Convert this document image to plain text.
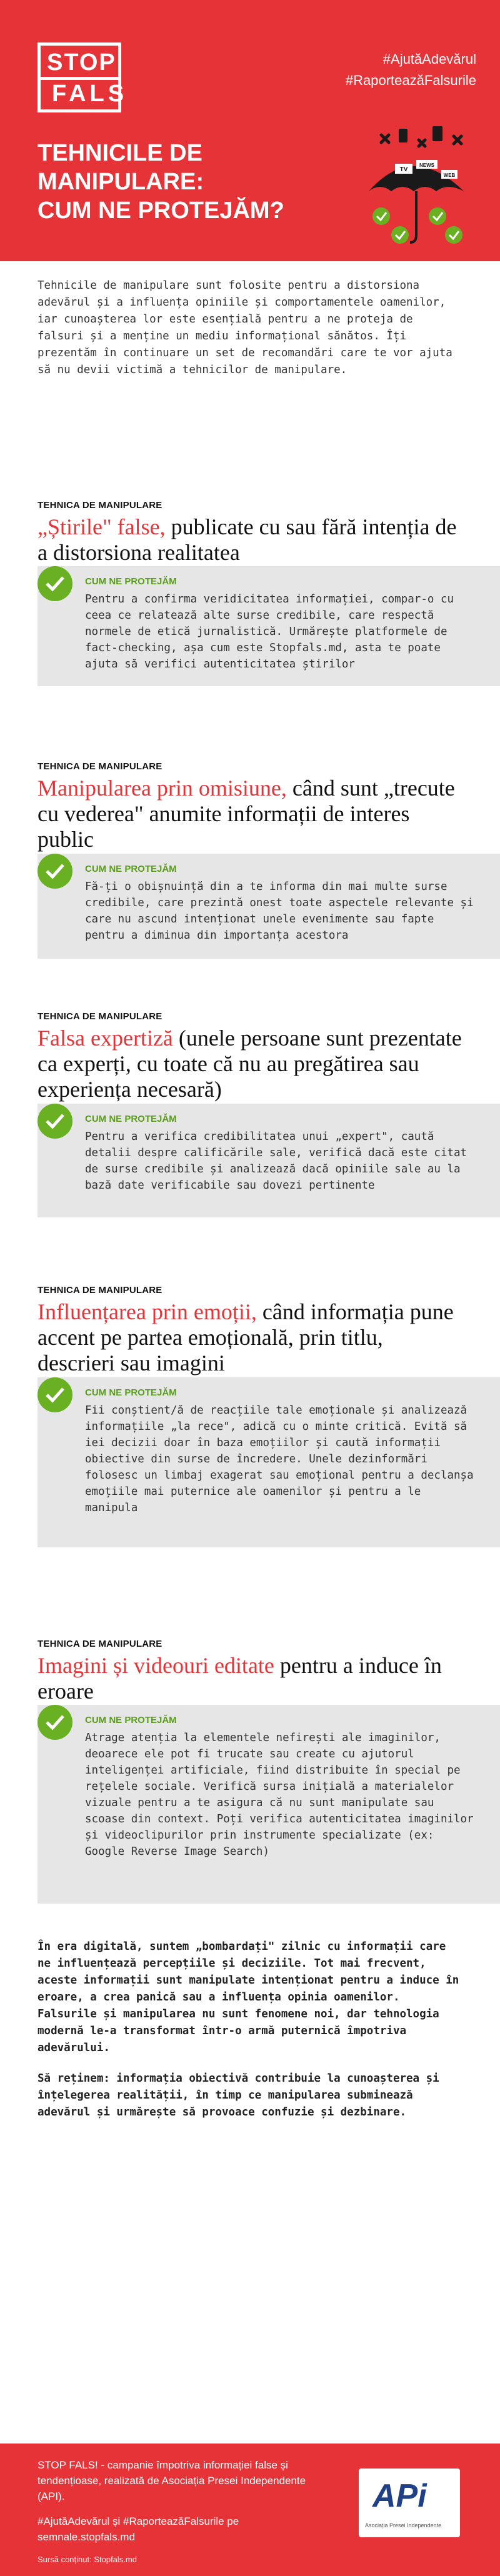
STOP
FALS
#AjutăAdevărul
#RaporteazăFalsurile
TEHNICILE DE
MANIPULARE:
CUM NE PROTEJĂM?
TV
NEWS
WEB
Tehnicile de manipulare sunt folosite pentru a distorsiona adevărul și a influența opiniile și comportamentele oamenilor, iar cunoașterea lor este esențială pentru a ne proteja de falsuri și a menține un mediu informațional sănătos. Îți prezentăm în continuare un set de recomandări care te vor ajuta să nu devii victimă a tehnicilor de manipulare.
TEHNICA DE MANIPULARE
„Știrile" false, publicate cu sau fără intenția de a distorsiona realitatea
CUM NE PROTEJĂM
Pentru a confirma veridicitatea informației, compar-o cu ceea ce relatează alte surse credibile, care respectă normele de etică jurnalistică. Urmărește platformele de fact-checking, așa cum este Stopfals.md, asta te poate ajuta să verifici autenticitatea știrilor
TEHNICA DE MANIPULARE
Manipularea prin omisiune, când sunt „trecute cu vederea" anumite informații de interes public
CUM NE PROTEJĂM
Fă-ți o obișnuință din a te informa din mai multe surse credibile, care prezintă onest toate aspectele relevante și care nu ascund intenționat unele evenimente sau fapte pentru a diminua din importanța acestora
TEHNICA DE MANIPULARE
Falsa expertiză (unele persoane sunt prezentate ca experți, cu toate că nu au pregătirea sau experiența necesară)
CUM NE PROTEJĂM
Pentru a verifica credibilitatea unui „expert", caută detalii despre calificările sale, verifică dacă este citat de surse credibile și analizează dacă opiniile sale au la bază date verificabile sau dovezi pertinente
TEHNICA DE MANIPULARE
Influențarea prin emoții, când informația pune accent pe partea emoțională, prin titlu, descrieri sau imagini
CUM NE PROTEJĂM
Fii conștient/ă de reacțiile tale emoționale și analizează informațiile „la rece", adică cu o minte critică. Evită să iei decizii doar în baza emoțiilor și caută informații obiective din surse de încredere. Unele dezinformări folosesc un limbaj exagerat sau emoțional pentru a declanșa emoțiile mai puternice ale oamenilor și pentru a le manipula
TEHNICA DE MANIPULARE
Imagini și videouri editate pentru a induce în eroare
CUM NE PROTEJĂM
Atrage atenția la elementele nefirești ale imaginilor, deoarece ele pot fi trucate sau create cu ajutorul inteligenței artificiale, fiind distribuite în special pe rețelele sociale. Verifică sursa inițială a materialelor vizuale pentru a te asigura că nu sunt manipulate sau scoase din context. Poți verifica autenticitatea imaginilor și videoclipurilor prin instrumente specializate (ex: Google Reverse Image Search)

În era digitală, suntem „bombardați" zilnic cu informații care ne influențează percepțiile și deciziile. Tot mai frecvent, aceste informații sunt manipulate intenționat pentru a induce în eroare, a crea panică sau a influența opinia oamenilor. Falsurile și manipularea nu sunt fenomene noi, dar tehnologia modernă le-a transformat într-o armă puternică împotriva adevărului.

Să reținem: informația obiectivă contribuie la cunoașterea și înțelegerea realității, în timp ce manipularea subminează adevărul și urmărește să provoace confuzie și dezbinare.

STOP FALS! - campanie împotriva informației false și tendențioase, realizată de Asociația Presei Independente (API).
#AjutăAdevărul și #RaporteazăFalsurile pe semnale.stopfals.md
Sursă conținut: Stopfals.md
APi
Asociația Presei Independente
